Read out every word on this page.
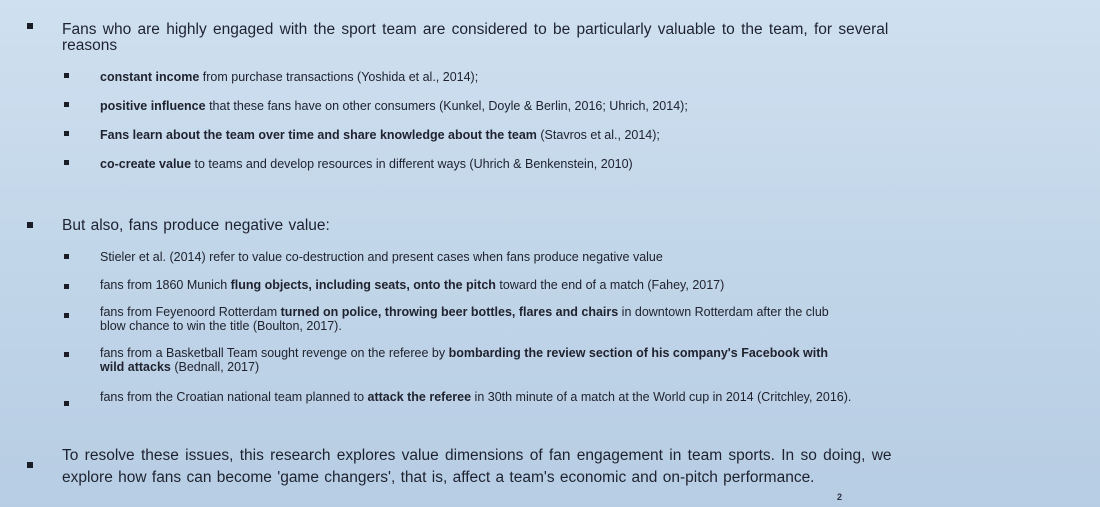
Fans who are highly engaged with the sport team are considered to be particularly valuable to the team, for several
reasons
constant income from purchase transactions (Yoshida et al., 2014);
positive influence that these fans have on other consumers (Kunkel, Doyle & Berlin, 2016; Uhrich, 2014);
Fans learn about the team over time and share knowledge about the team (Stavros et al., 2014);
co-create value to teams and develop resources in different ways (Uhrich & Benkenstein, 2010)
But also, fans produce negative value:
Stieler et al. (2014) refer to value co-destruction and present cases when fans produce negative value
fans from 1860 Munich flung objects, including seats, onto the pitch toward the end of a match (Fahey, 2017)
fans from Feyenoord Rotterdam turned on police, throwing beer bottles, flares and chairs in downtown Rotterdam after the club
blow chance to win the title (Boulton, 2017).
fans from a Basketball Team sought revenge on the referee by bombarding the review section of his company's Facebook with
wild attacks (Bednall, 2017)
fans from the Croatian national team planned to attack the referee in 30th minute of a match at the World cup in 2014 (Critchley, 2016).
To resolve these issues, this research explores value dimensions of fan engagement in team sports. In so doing, we
explore how fans can become 'game changers', that is, affect a team's economic and on-pitch performance.
2
